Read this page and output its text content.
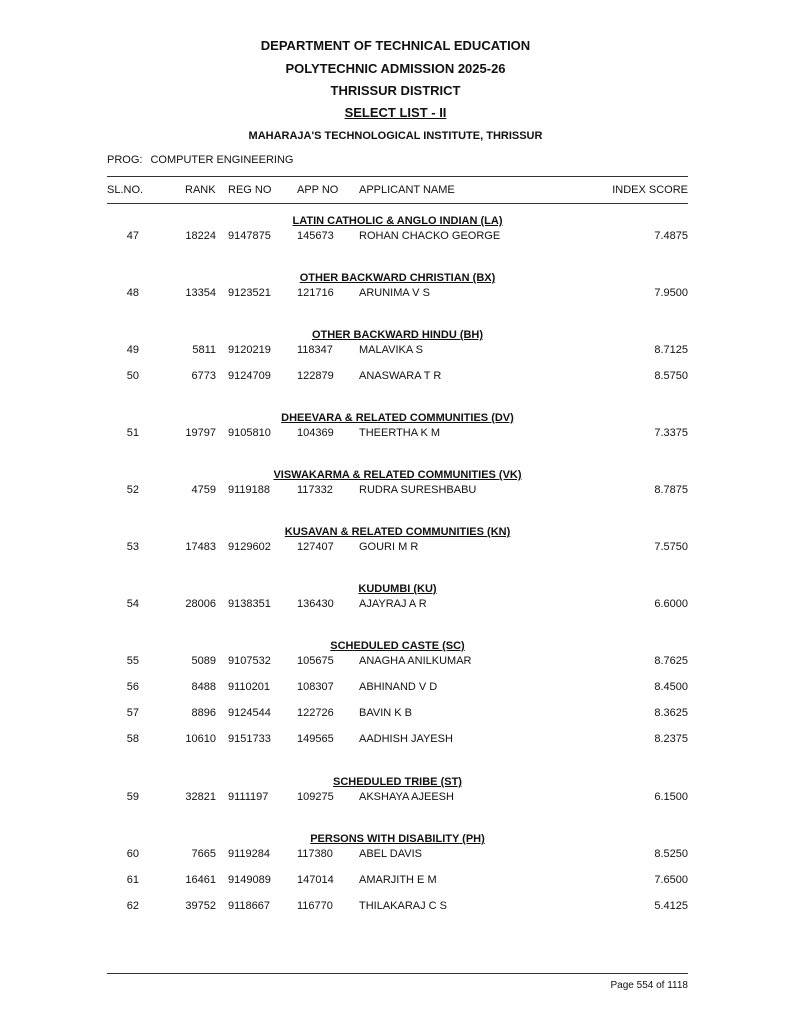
DEPARTMENT OF TECHNICAL EDUCATION
POLYTECHNIC ADMISSION 2025-26
THRISSUR DISTRICT
SELECT LIST - II
MAHARAJA'S TECHNOLOGICAL INSTITUTE, THRISSUR
PROG: COMPUTER ENGINEERING
SL.NO.	RANK REG NO APP NO APPLICANT NAME	INDEX SCORE
LATIN CATHOLIC & ANGLO INDIAN (LA)
47	18224 9147875 145673 ROHAN CHACKO GEORGE	7.4875
OTHER BACKWARD CHRISTIAN (BX)
48	13354 9123521 121716 ARUNIMA V S	7.9500
OTHER BACKWARD HINDU (BH)
49	5811 9120219 118347 MALAVIKA S	8.7125
50	6773 9124709 122879 ANASWARA T R	8.5750
DHEEVARA & RELATED COMMUNITIES (DV)
51	19797 9105810 104369 THEERTHA K M	7.3375
VISWAKARMA & RELATED COMMUNITIES (VK)
52	4759 9119188 117332 RUDRA SURESHBABU	8.7875
KUSAVAN & RELATED COMMUNITIES (KN)
53	17483 9129602 127407 GOURI M R	7.5750
KUDUMBI (KU)
54	28006 9138351 136430 AJAYRAJ A R	6.6000
SCHEDULED CASTE (SC)
55	5089 9107532 105675 ANAGHA ANILKUMAR	8.7625
56	8488 9110201 108307 ABHINAND V D	8.4500
57	8896 9124544 122726 BAVIN K B	8.3625
58	10610 9151733 149565 AADHISH JAYESH	8.2375
SCHEDULED TRIBE (ST)
59	32821 9111197	109275 AKSHAYA AJEESH	6.1500
PERSONS WITH DISABILITY (PH)
60	7665 9119284 117380 ABEL DAVIS	8.5250
61	16461 9149089 147014 AMARJITH E M	7.6500
62	39752 9118667 116770 THILAKARAJ C S	5.4125
Page 554 of 1118
